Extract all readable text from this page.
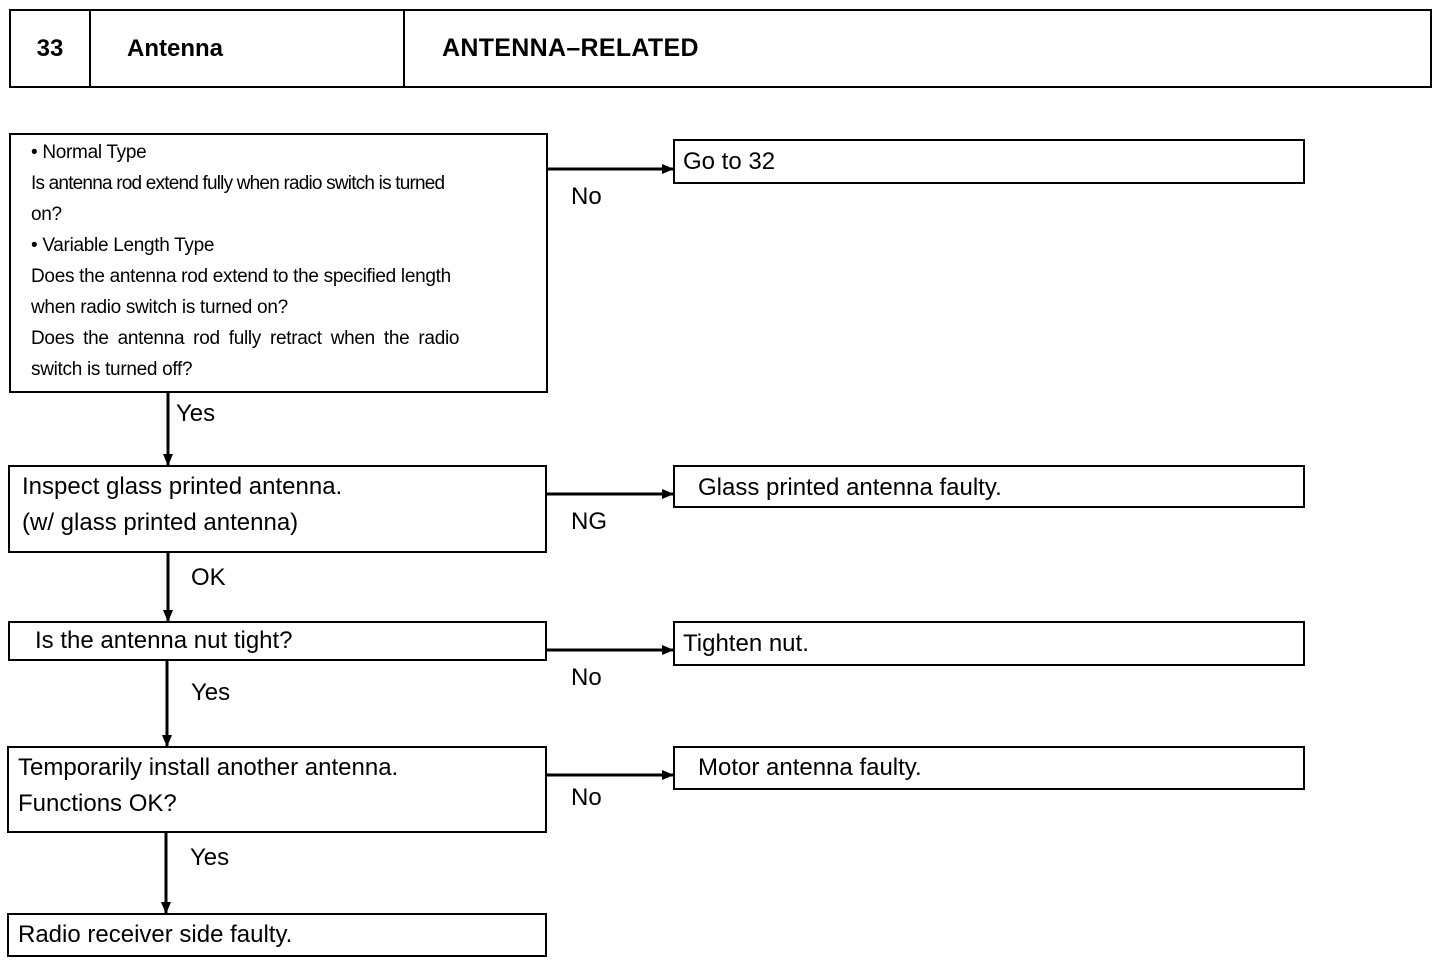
33	Antenna	ANTENNA–RELATED
• Normal Type
Is antenna rod extend fully when radio switch is turned
on?
• Variable Length Type
Does the antenna rod extend to the specified length
when radio switch is turned on?
Does the antenna rod fully retract when the radio
switch is turned off?
Inspect glass printed antenna.
(w/ glass printed antenna)
Is the antenna nut tight?
Temporarily install another antenna.
Functions OK?
Radio receiver side faulty.
Go to 32
Glass printed antenna faulty.
Tighten nut.
Motor antenna faulty.
No
Yes
NG
OK
No
Yes
No
Yes
